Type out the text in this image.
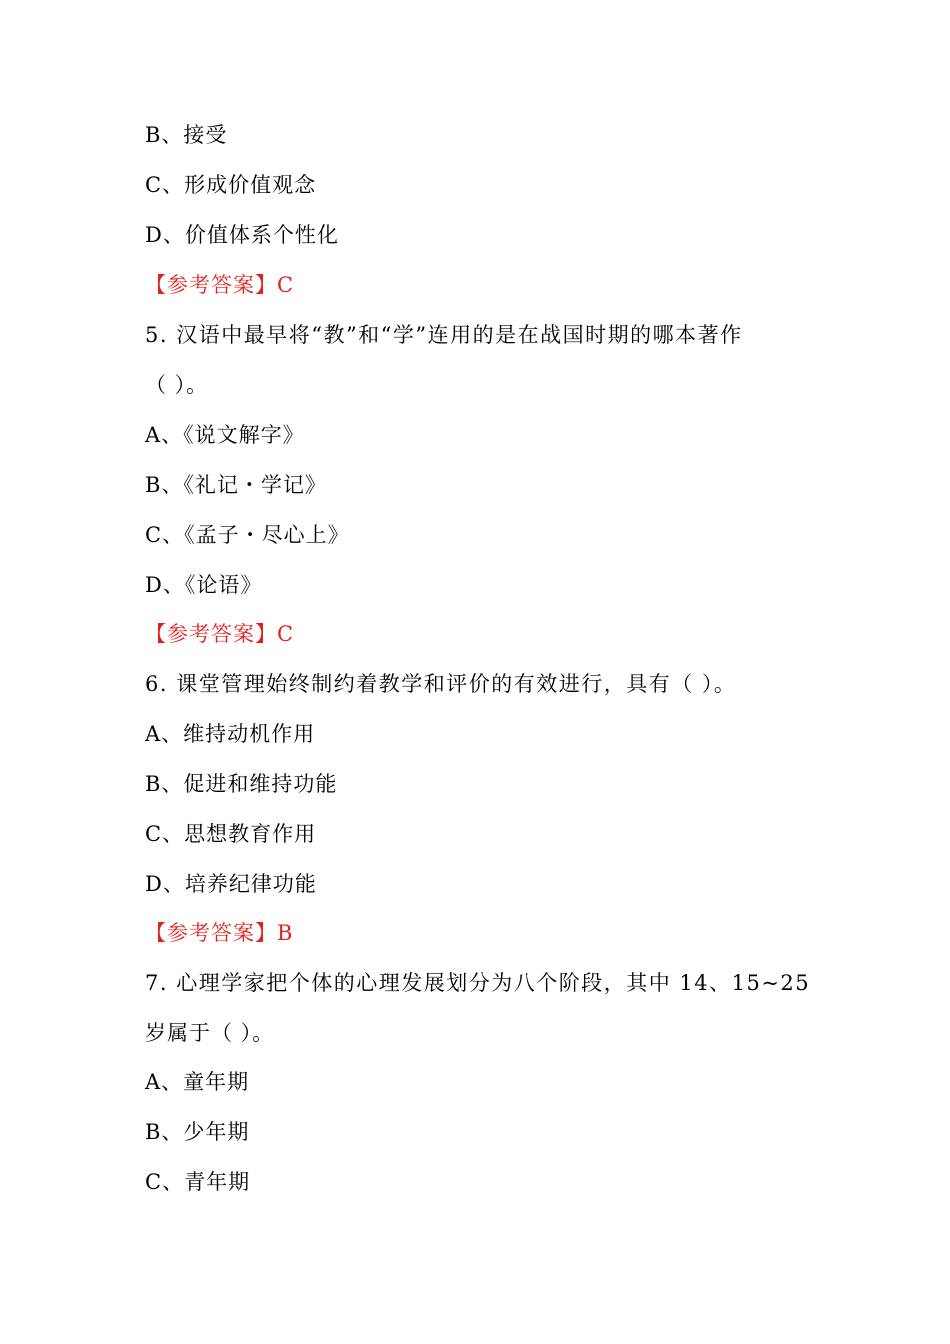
B、接受
C、形成价值观念
D、价值体系个性化
【参考答案】C
5. 汉语中最早将“教”和“学”连用的是在战国时期的哪本著作
（ ）。
A、《说文解字》
B、《礼记・学记》
C、《孟子・尽心上》
D、《论语》
【参考答案】C
6. 课堂管理始终制约着教学和评价的有效进行，具有（ ）。
A、维持动机作用
B、促进和维持功能
C、思想教育作用
D、培养纪律功能
【参考答案】B
7. 心理学家把个体的心理发展划分为八个阶段，其中 14、15~25
岁属于（ ）。
A、童年期
B、少年期
C、青年期
